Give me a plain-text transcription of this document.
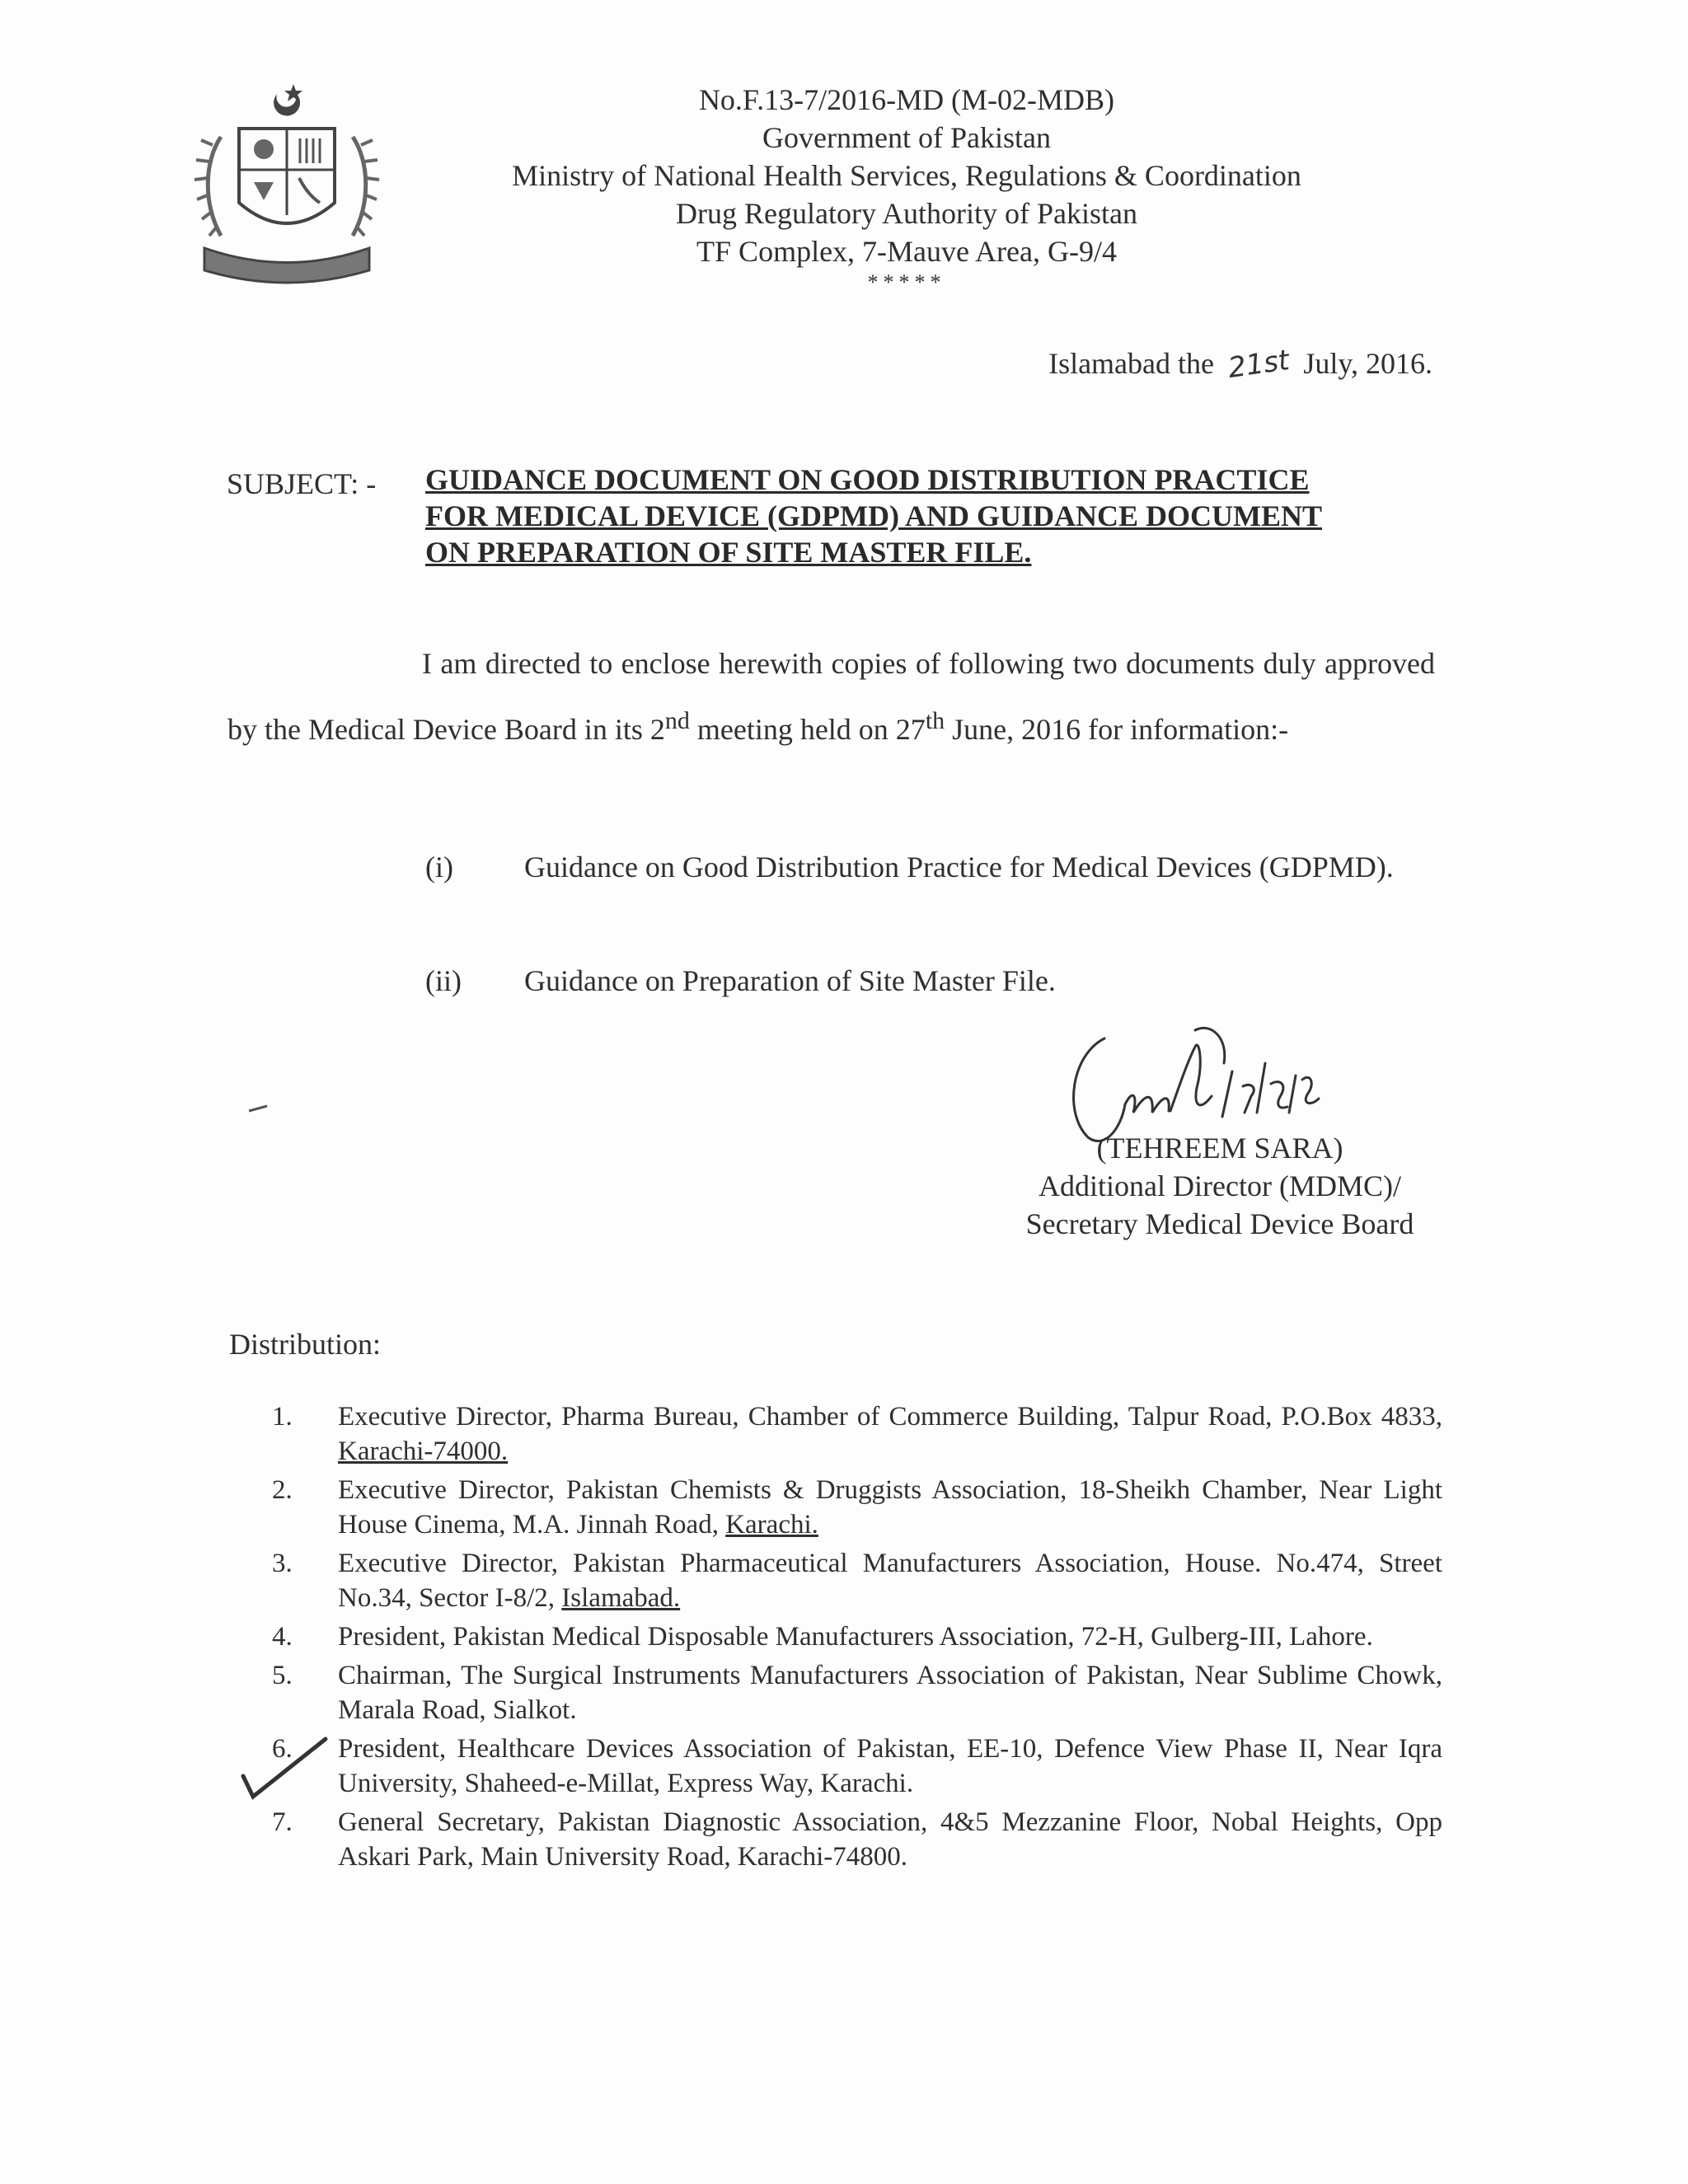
No.F.13-7/2016-MD (M-02-MDB)
Government of Pakistan
Ministry of National Health Services, Regulations & Coordination
Drug Regulatory Authority of Pakistan
TF Complex, 7-Mauve Area, G-9/4
*****
Islamabad the 21st July, 2016.
SUBJECT: - GUIDANCE DOCUMENT ON GOOD DISTRIBUTION PRACTICE
FOR MEDICAL DEVICE (GDPMD) AND GUIDANCE DOCUMENT
ON PREPARATION OF SITE MASTER FILE.
I am directed to enclose herewith copies of following two documents duly approved by the Medical Device Board in its 2nd meeting held on 27th June, 2016 for information:-
(i) Guidance on Good Distribution Practice for Medical Devices (GDPMD).
(ii) Guidance on Preparation of Site Master File.
(TEHREEM SARA)
Additional Director (MDMC)/
Secretary Medical Device Board
Distribution:
1.	Executive Director, Pharma Bureau, Chamber of Commerce Building, Talpur Road, P.O.Box 4833, Karachi-74000.
2.	Executive Director, Pakistan Chemists & Druggists Association, 18-Sheikh Chamber, Near Light House Cinema, M.A. Jinnah Road, Karachi.
3.	Executive Director, Pakistan Pharmaceutical Manufacturers Association, House. No.474, Street No.34, Sector I-8/2, Islamabad.
4.	President, Pakistan Medical Disposable Manufacturers Association, 72-H, Gulberg-III, Lahore.
5.	Chairman, The Surgical Instruments Manufacturers Association of Pakistan, Near Sublime Chowk, Marala Road, Sialkot.
6.	President, Healthcare Devices Association of Pakistan, EE-10, Defence View Phase II, Near Iqra University, Shaheed-e-Millat, Express Way, Karachi.
7.	General Secretary, Pakistan Diagnostic Association, 4&5 Mezzanine Floor, Nobal Heights, Opp Askari Park, Main University Road, Karachi-74800.
